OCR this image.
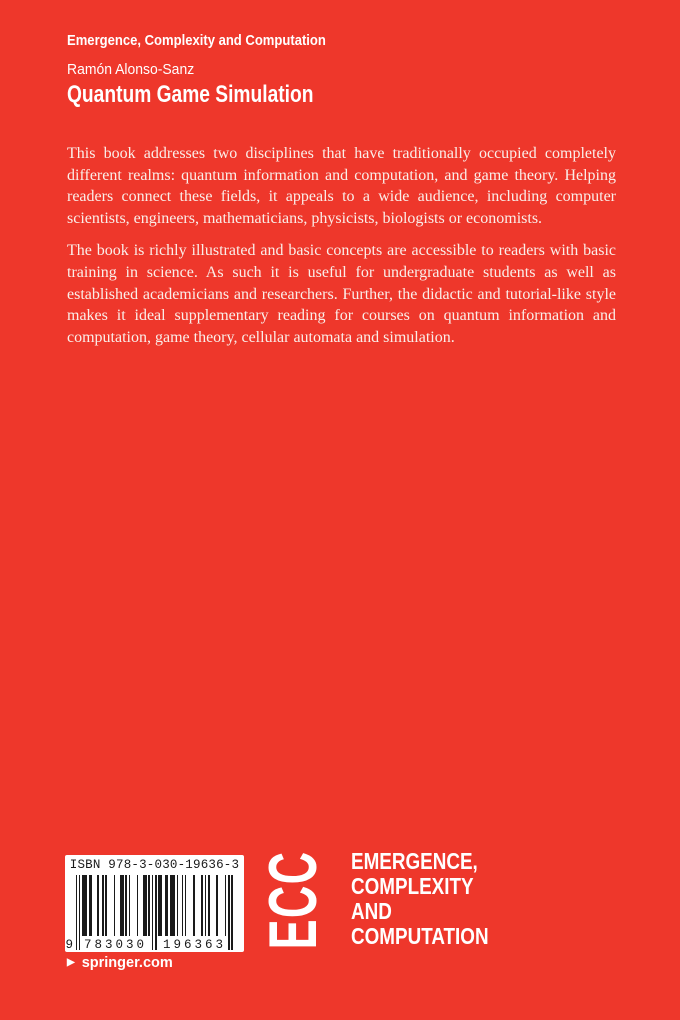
Emergence, Complexity and Computation
Ramón Alonso-Sanz
Quantum Game Simulation

This book addresses two disciplines that have traditionally occupied completely different realms: quantum information and computation, and game theory. Helping readers connect these fields, it appeals to a wide audience, including computer scientists, engineers, mathematicians, physicists, biologists or economists.

The book is richly illustrated and basic concepts are accessible to readers with basic training in science. As such it is useful for undergraduate students as well as established academicians and researchers. Further, the didactic and tutorial-like style makes it ideal supplementary reading for courses on quantum information and computation, game theory, cellular automata and simulation.

ISBN 978-3-030-19636-3
9 783030 196363 ECC EMERGENCE,
COMPLEXITY
AND
COMPUTATION
▶ springer.com
